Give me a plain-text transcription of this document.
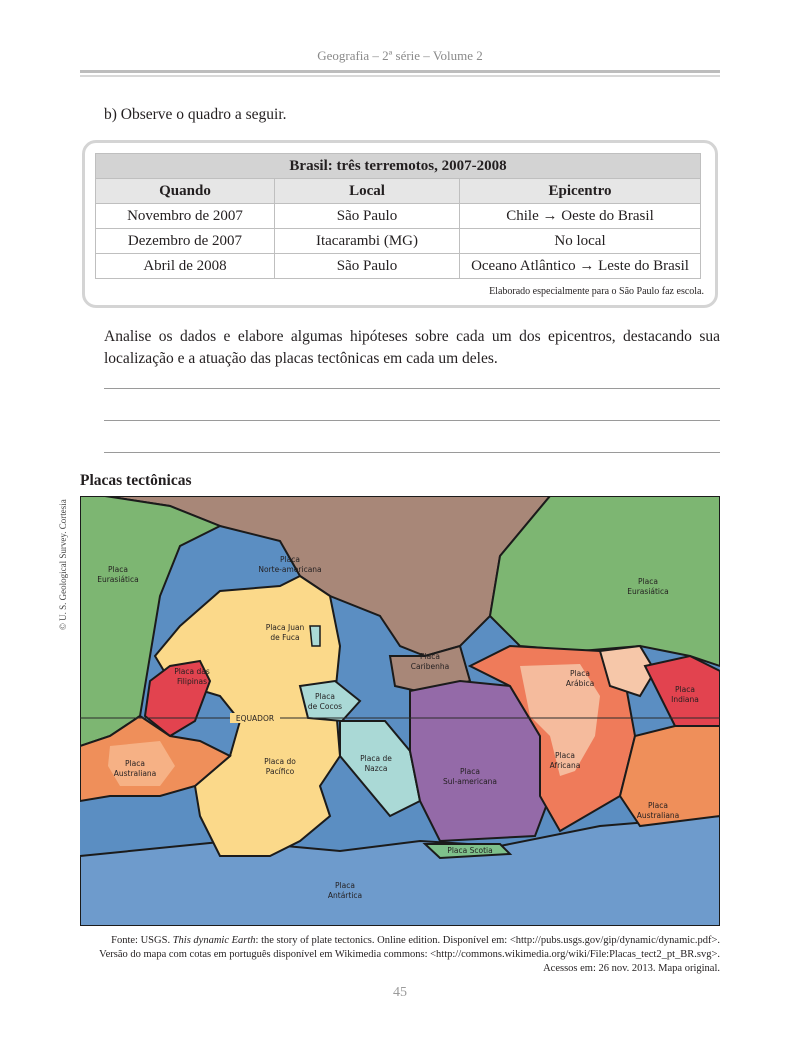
Geografia – 2ª série – Volume 2
b) Observe o quadro a seguir.
Brasil: três terremotos, 2007-2008		
Quando	Local	Epicentro
Novembro de 2007	São Paulo	Chile → Oeste do Brasil
Dezembro de 2007	Itacarambi (MG)	No local
Abril de 2008	São Paulo	Oceano Atlântico → Leste do Brasil
Elaborado especialmente para o São Paulo faz escola.
Analise os dados e elabore algumas hipóteses sobre cada um dos epicentros, destacando sua localização e a atuação das placas tectônicas em cada um deles.
Placas tectônicas
© U. S. Geological Survey. Cortesia
EQUADOR
Placa
Eurasiática
Placa
Norte-americana
Placa
Eurasiática
Placa Juan
de Fuca
Placa
Caribenha
Placa das
Filipinas
Placa
Arábica
Placa
Indiana
Placa
de Cocos
Placa do
Pacífico
Placa de
Nazca	Placa
Sul-americana
Placa
Africana
Placa
Australiana
Placa
Australiana
Placa Scotia
Placa
Antártica
Fonte: USGS. This dynamic Earth: the story of plate tectonics. Online edition. Disponível em: <http://pubs.usgs.gov/gip/dynamic/dynamic.pdf>.
Versão do mapa com cotas em português disponível em Wikimedia commons: <http://commons.wikimedia.org/wiki/File:Placas_tect2_pt_BR.svg>.
Acessos em: 26 nov. 2013. Mapa original.
45
